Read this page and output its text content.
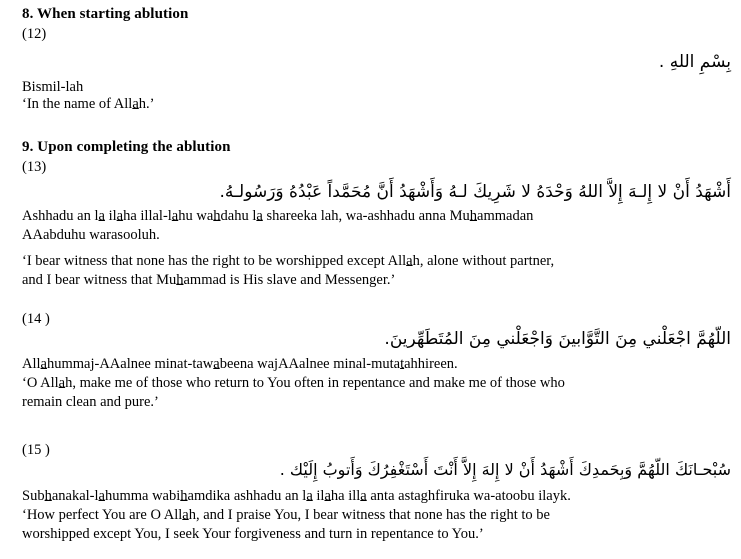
8. When starting ablution
(12)
بِسْمِ اللهِ .
Bismil-lah
‘In the name of Allah.’
9. Upon completing the ablution
(13)
أَشْهَدُ أَنْ لا إِلـهَ إِلاَّ اللهُ وَحْدَهُ لا شَرِيكَ لـهُ وَأَشْهَدُ أَنَّ مُحَمَّداً عَبْدُهُ وَرَسُولـهُ.
Ashhadu an la ilaha illal-lahu wahdahu la shareeka lah, wa-ashhadu anna Muhammadan
AAabduhu warasooluh.
‘I bear witness that none has the right to be worshipped except Allah, alone without partner,
and I bear witness that Muhammad is His slave and Messenger.’
(14 )
اللّهُمَّ اجْعَلْني مِنَ التَّوَّابينَ وَاجْعَلْني مِنَ المُتَطَهِّرينَ.
Allahummaj-AAalnee minat-tawabeena wajAAalnee minal-mutatahhireen.
‘O Allah, make me of those who return to You often in repentance and make me of those who
remain clean and pure.’
(15 )
سُبْحـانَكَ اللّهُمَّ وَبِحَمدِكَ أَشْهَدُ أَنْ لا إِلهَ إِلاَّ أَنْتَ أَسْتَغْفِرُكَ وَأَتوبُ إِلَيْك .
Subhanakal-lahumma wabihamdika ashhadu an la ilaha illa anta astaghfiruka wa-atoobu ilayk.
‘How perfect You are O Allah, and I praise You, I bear witness that none has the right to be
worshipped except You, I seek Your forgiveness and turn in repentance to You.’
